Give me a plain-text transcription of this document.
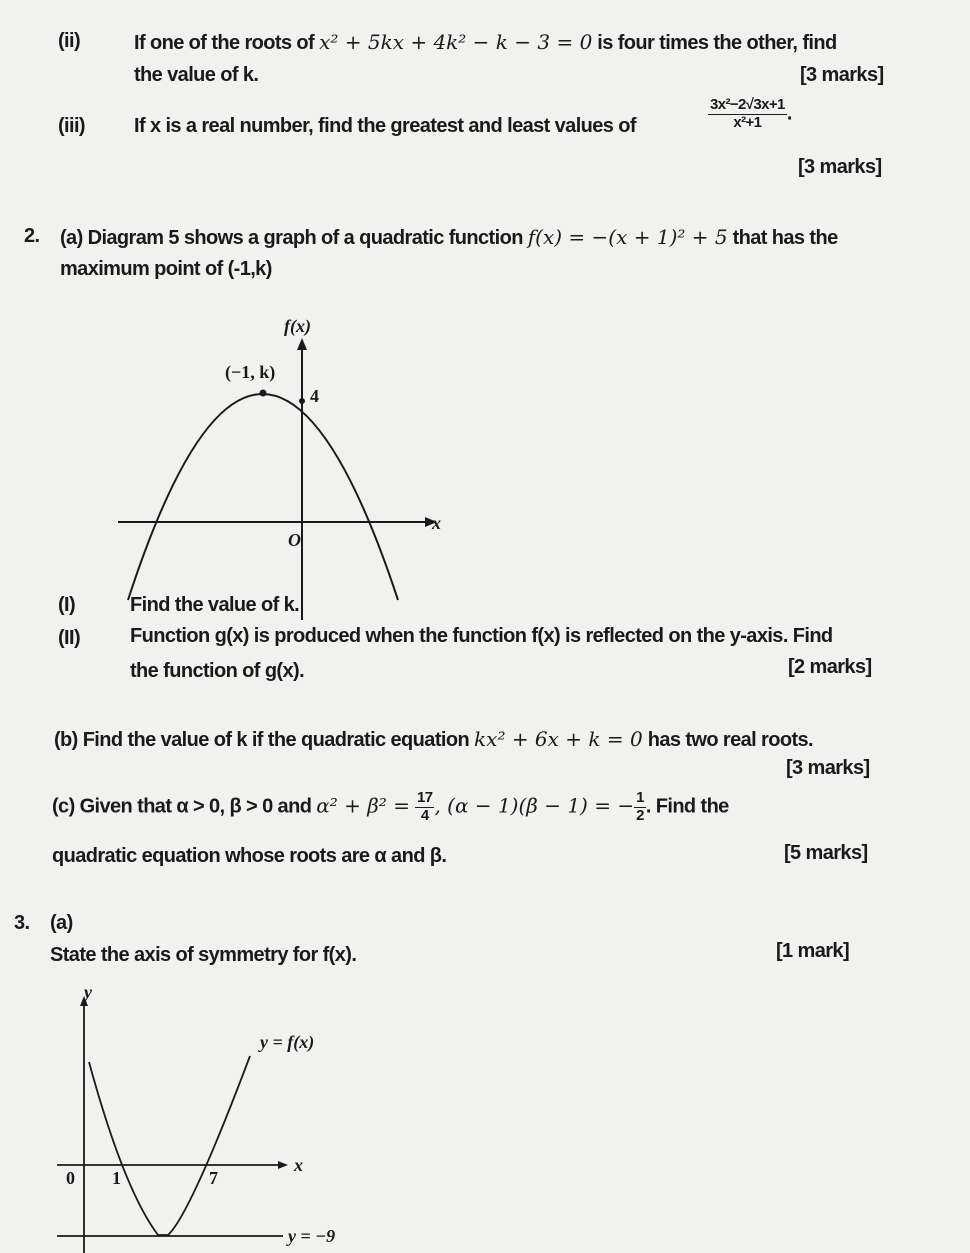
(ii)	If one of the roots of x² + 5kx + 4k² − k − 3 = 0 is four times the other, find
the value of k.	[3 marks]
(iii) If x is a real number, find the greatest and least values of	$\frac{\text{3x²−2√3x+1}}{\text{x²+1}}$ .
[3 marks]
2. (a) Diagram 5 shows a graph of a quadratic function f(x) = −(x + 1)² + 5 that has the
maximum point of (-1,k)
f(x)
(−1, k)
4
O
x
y
y = f(x)
0 1	7
x
y = −9
(I)	Find the value of k.
(II) Function g(x) is produced when the function f(x) is reflected on the y-axis. Find
the function of g(x).	[2 marks]
(b) Find the value of k if the quadratic equation kx² + 6x + k = 0 has two real roots.
[3 marks]
(c) Given that α > 0, β > 0 and $\alpha^2 + \beta^2 = \frac{17}{4}$ , (α − 1)(β − 1) = − $\frac{1}{2}$ . Find the
quadratic equation whose roots are α and β.	[5 marks]
3. (a)
State the axis of symmetry for f(x).	[1 mark]
